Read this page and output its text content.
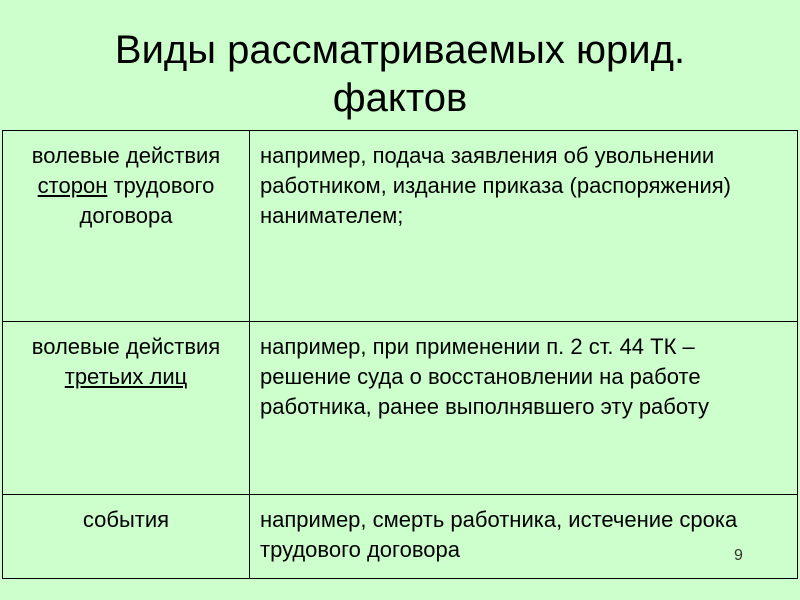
Виды рассматриваемых юрид.
фактов
волевые действия сторон трудового договора	например, подача заявления об увольнении работником, издание приказа (распоряжения) нанимателем;
волевые действия третьих лиц	например, при применении п. 2 ст. 44 ТК – решение суда о восстановлении на работе работника, ранее выполнявшего эту работу
события	например, смерть работника, истечение срока трудового договора	9
